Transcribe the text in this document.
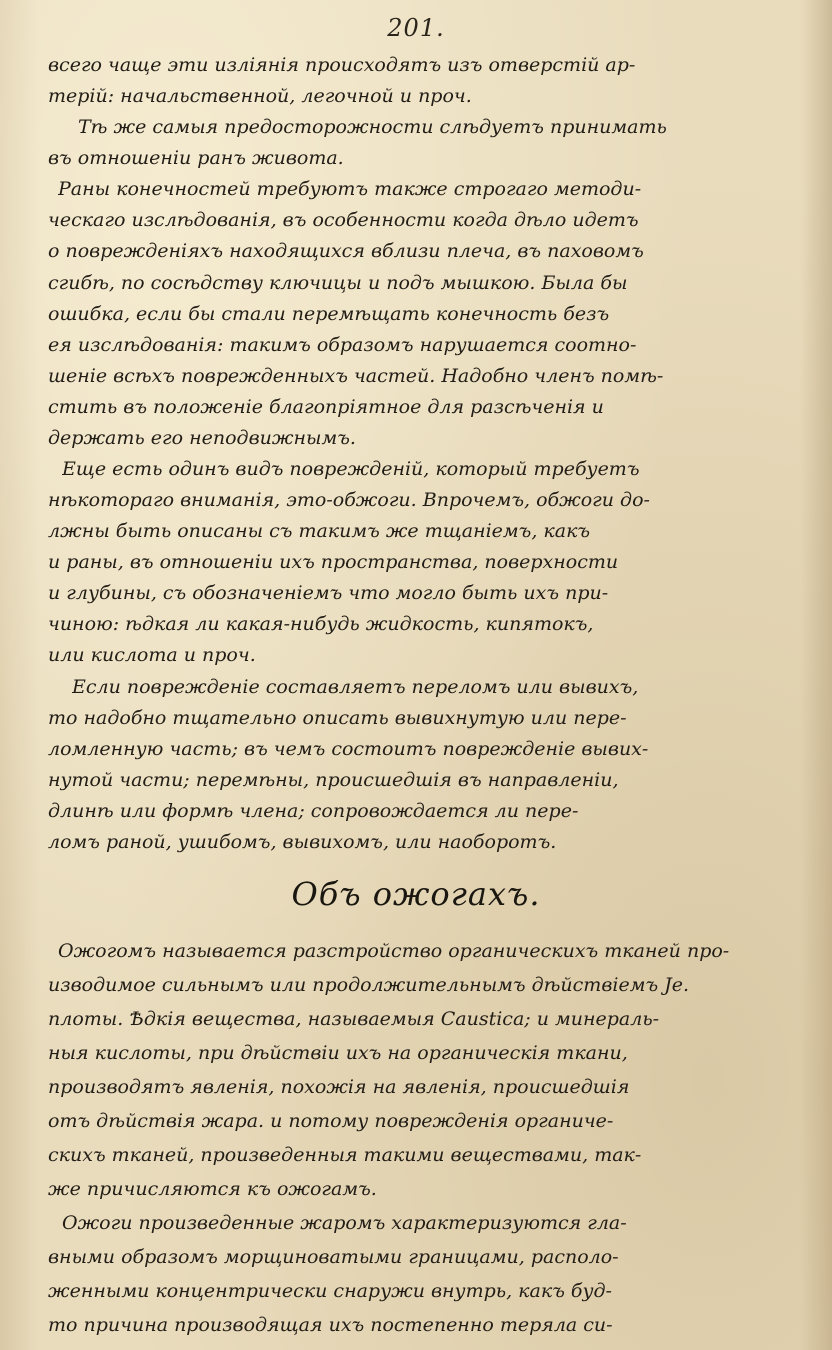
201.
всего чаще эти изліянія происходятъ изъ отверстій ар-
терій: начальственной, легочной и проч.
Тѣ же самыя предосторожности слѣдуетъ принимать
въ отношеніи ранъ живота.
Раны конечностей требуютъ также строгаго методи-
ческаго изслѣдованія, въ особенности когда дѣло идетъ
о поврежденіяхъ находящихся вблизи плеча, въ паховомъ
сгибѣ, по сосѣдству ключицы и подъ мышкою. Была бы
ошибка, если бы стали перемѣщать конечность безъ
ея изслѣдованія: такимъ образомъ нарушается соотно-
шеніе всѣхъ поврежденныхъ частей. Надобно членъ помѣ-
стить въ положеніе благопріятное для разсѣченія и
держать его неподвижнымъ.
Еще есть одинъ видъ поврежденій, который требуетъ
нѣкотораго вниманія, это-обжоги. Впрочемъ, обжоги до-
лжны быть описаны съ такимъ же тщаніемъ, какъ
и раны, въ отношеніи ихъ пространства, поверхности
и глубины, съ обозначеніемъ что могло быть ихъ при-
чиною: ѣдкая ли какая-нибудь жидкость, кипятокъ,
или кислота и проч.
Если поврежденіе составляетъ переломъ или вывихъ,
то надобно тщательно описать вывихнутую или пере-
ломленную часть; въ чемъ состоитъ поврежденіе вывих-
нутой части; перемѣны, происшедшія въ направленіи,
длинѣ или формѣ члена; сопровождается ли пере-
ломъ раной, ушибомъ, вывихомъ, или наоборотъ.
Объ ожогахъ.
Ожогомъ называется разстройство органическихъ тканей про-
изводимое сильнымъ или продолжительнымъ дѣйствіемъ Je.
плоты. Ѣдкія вещества, называемыя Caustica; и минераль-
ныя кислоты, при дѣйствіи ихъ на органическія ткани,
производятъ явленія, похожія на явленія, происшедшія
отъ дѣйствія жара. и потому поврежденія органиче-
скихъ тканей, произведенныя такими веществами, так-
же причисляются къ ожогамъ.
Ожоги произведенные жаромъ характеризуются гла-
вными образомъ морщиноватыми границами, располо-
женными концентрически снаружи внутрь, какъ буд-
то причина производящая ихъ постепенно теряла си-
